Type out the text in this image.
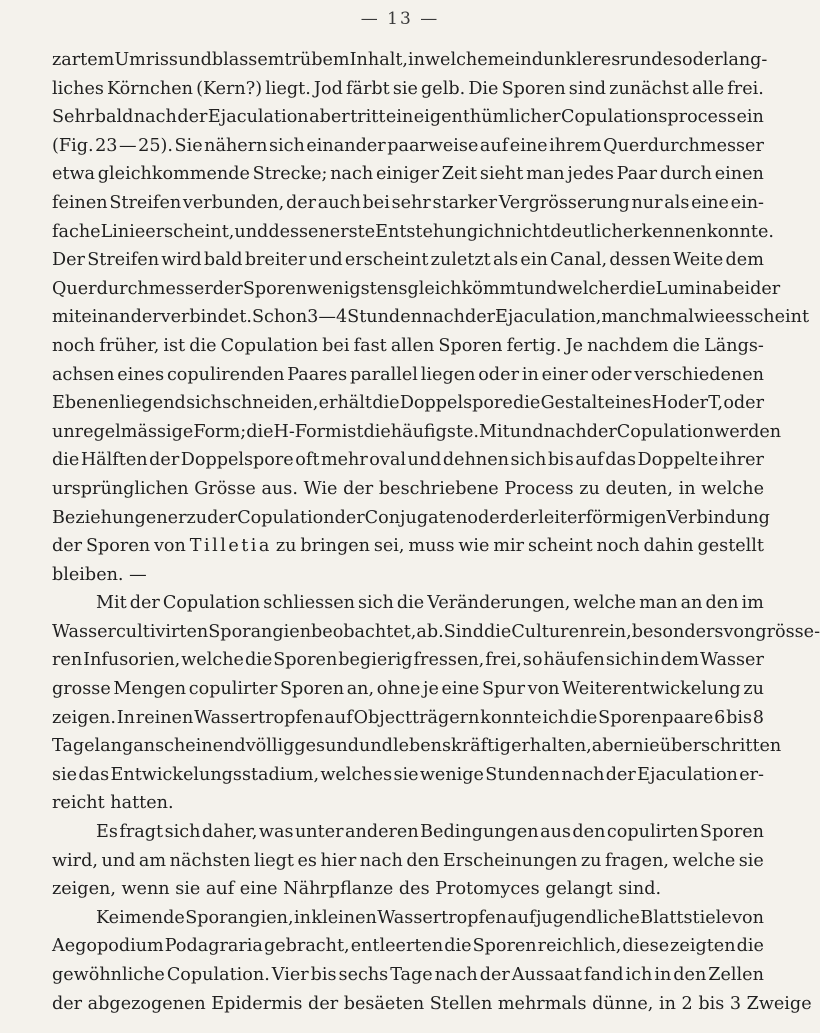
— 13 —
zartem Umriss und blassem trübem Inhalt, in welchem ein dunkleres rundes oder lang-
liches Körnchen (Kern?) liegt. Jod färbt sie gelb. Die Sporen sind zunächst alle frei.
Sehr bald nach der Ejaculation aber tritt ein eigenthümlicher Copulationsprocess ein
(Fig. 23 — 25). Sie nähern sich einander paarweise auf eine ihrem Querdurchmesser
etwa gleichkommende Strecke; nach einiger Zeit sieht man jedes Paar durch einen
feinen Streifen verbunden, der auch bei sehr starker Vergrösserung nur als eine ein-
fache Linie erscheint, und dessen erste Entstehung ich nicht deutlich erkennen konnte.
Der Streifen wird bald breiter und erscheint zuletzt als ein Canal, dessen Weite dem
Querdurchmesser der Sporen wenigstens gleichkömmt und welcher die Lumina beider
miteinander verbindet. Schon 3—4 Stunden nach der Ejaculation, manchmal wie es scheint
noch früher, ist die Copulation bei fast allen Sporen fertig. Je nachdem die Längs-
achsen eines copulirenden Paares parallel liegen oder in einer oder verschiedenen
Ebenen liegend sich schneiden, erhält die Doppelspore die Gestalt eines H oder T, oder
unregelmässige Form; die H-Form ist die häufigste. Mit und nach der Copulation werden
die Hälften der Doppelspore oft mehr oval und dehnen sich bis auf das Doppelte ihrer
ursprünglichen Grösse aus. Wie der beschriebene Process zu deuten, in welche
Beziehungen er zu der Copulation der Conjugaten oder der leiterförmigen Verbindung
der Sporen von Tilletia zu bringen sei, muss wie mir scheint noch dahin gestellt
bleiben. —
Mit der Copulation schliessen sich die Veränderungen, welche man an den im
Wasser cultivirten Sporangien beobachtet, ab. Sind die Culturen rein, besonders von grösse-
ren Infusorien, welche die Sporen begierig fressen, frei, so häufen sich in dem Wasser
grosse Mengen copulirter Sporen an, ohne je eine Spur von Weiterentwickelung zu
zeigen. In reinen Wassertropfen auf Objectträgern konnte ich die Sporenpaare 6 bis 8
Tage lang anscheinend völlig gesund und lebenskräftig erhalten, aber nie überschritten
sie das Entwickelungsstadium, welches sie wenige Stunden nach der Ejaculation er-
reicht hatten.
Es fragt sich daher, was unter anderen Bedingungen aus den copulirten Sporen
wird, und am nächsten liegt es hier nach den Erscheinungen zu fragen, welche sie
zeigen, wenn sie auf eine Nährpflanze des Protomyces gelangt sind.
Keimende Sporangien, in kleinen Wassertropfen auf jugendliche Blattstiele von
Aegopodium Podagraria gebracht, entleerten die Sporen reichlich, diese zeigten die
gewöhnliche Copulation. Vier bis sechs Tage nach der Aussaat fand ich in den Zellen
der abgezogenen Epidermis der besäeten Stellen mehrmals dünne, in 2 bis 3 Zweige
